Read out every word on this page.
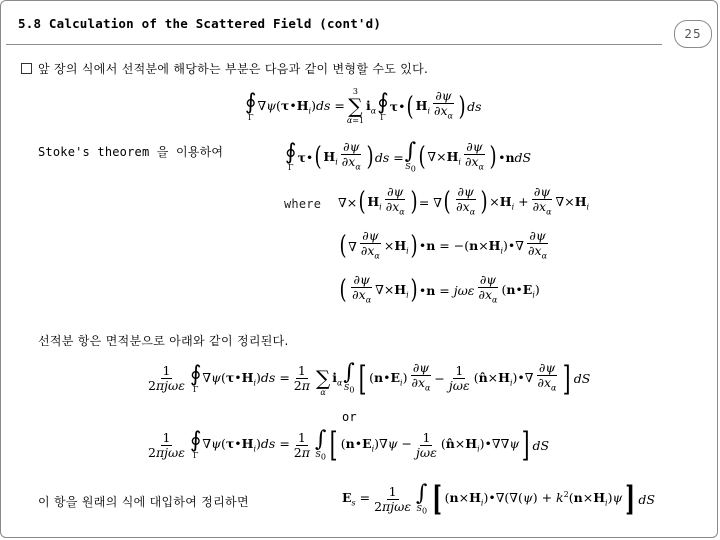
5.8 Calculation of the Scattered Field (cont'd)
25
앞 장의 식에서 선적분에 해당하는 부분은 다음과 같이 변형할 수도 있다.
∮
Γ
$\nabla\psi(\tau•H_i)ds$ =
3
∑
α=1
$i_\alpha$ ∮
Γ
τ• ( $H_i \frac{\partial\psi}{\partial x_\alpha}$ ) ds
Stoke's theorem 을 이용하여	∮
Γ
τ• ( $H_i \frac{\partial\psi}{\partial x_\alpha}$ ) ds = ∫
S0 ( $\nabla\times H_i \frac{\partial\psi}{\partial x_\alpha}$ ) •ndS
where ∇× ( $H_i \frac{\partial\psi}{\partial x_\alpha}$ ) = ∇ ( $\frac{\partial\psi}{\partial x_\alpha}$ ) $\times H_i + \frac{\partial\psi}{\partial x_\alpha} \nabla\times H_i$
( ∇ $\frac{\partial\psi}{\partial x_\alpha} \times H_i$ ) •n = $-(n\times H_i)•\nabla \frac{\partial\psi}{\partial x_\alpha}$
( $\frac{\partial\psi}{\partial x_\alpha} \nabla\times H_i$ ) •n = jωε $\frac{\partial\psi}{\partial x_\alpha}$ $(n•E_i)$
선적분 항은 면적분으로 아래와 같이 정리된다.
$\frac{1}{\text{2πjωε}}$ ∮
Γ
$\nabla\psi(\tau•H_i)ds = \frac{1}{2\pi}$
∑
α
$i_\alpha$ ∫
S0 [ $(n•E_i) \frac{\partial\psi}{\partial x_\alpha} - \frac{1}{\text{jωε}}$ $(n̂\times H_i)•\nabla \frac{\partial\psi}{\partial x_\alpha}$ ] dS
or
$\frac{1}{\text{2πjωε}}$ ∮
Γ
$\nabla\psi(\tau•H_i)ds = \frac{1}{2\pi}$ ∫
S0 [ $(n•E_i)\nabla\psi - \frac{1}{\text{jωε}}$ $(n̂\times H_i)•\nabla\nabla\psi$ ] dS
이 항을 원래의 식에 대입하여 정리하면	$E_s = \frac{1}{\text{2πjωε}}$ ∫
S0 [ $(n\times H_i)•\nabla(\nabla(\psi) + k^2(n\times H_i)\psi$ ] dS
